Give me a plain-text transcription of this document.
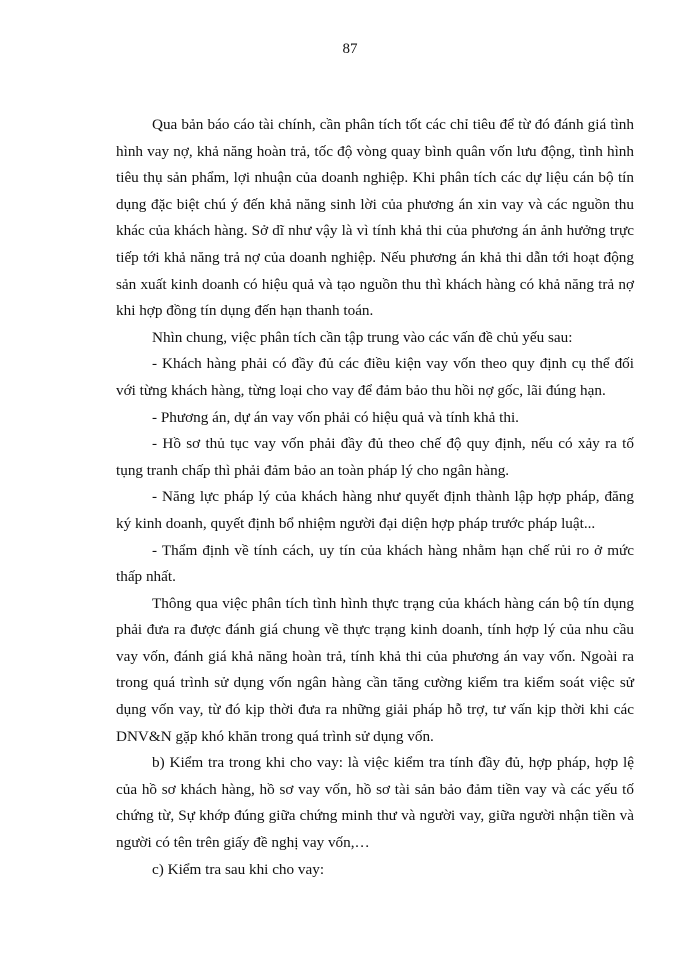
87

Qua bản báo cáo tài chính, cần phân tích tốt các chỉ tiêu để từ đó đánh giá tình hình vay nợ, khả năng hoàn trả, tốc độ vòng quay bình quân vốn lưu động, tình hình tiêu thụ sản phẩm, lợi nhuận của doanh nghiệp. Khi phân tích các dự liệu cán bộ tín dụng đặc biệt chú ý đến khả năng sinh lời của phương án xin vay và các nguồn thu khác của khách hàng. Sở dĩ như vậy là vì tính khả thi của phương án ảnh hưởng trực tiếp tới khả năng trả nợ của doanh nghiệp. Nếu phương án khả thi dẫn tới hoạt động sản xuất kinh doanh có hiệu quả và tạo nguồn thu thì khách hàng có khả năng trả nợ khi hợp đồng tín dụng đến hạn thanh toán.

Nhìn chung, việc phân tích cần tập trung vào các vấn đề chủ yếu sau:

- Khách hàng phải có đầy đủ các điều kiện vay vốn theo quy định cụ thể đối với từng khách hàng, từng loại cho vay để đảm bảo thu hồi nợ gốc, lãi đúng hạn.

- Phương án, dự án vay vốn phải có hiệu quả và tính khả thi.

- Hồ sơ thủ tục vay vốn phải đầy đủ theo chế độ quy định, nếu có xảy ra tố tụng tranh chấp thì phải đảm bảo an toàn pháp lý cho ngân hàng.

- Năng lực pháp lý của khách hàng như quyết định thành lập hợp pháp, đăng ký kinh doanh, quyết định bổ nhiệm người đại diện hợp pháp trước pháp luật...

- Thẩm định về tính cách, uy tín của khách hàng nhằm hạn chế rủi ro ở mức thấp nhất.

Thông qua việc phân tích tình hình thực trạng của khách hàng cán bộ tín dụng phải đưa ra được đánh giá chung về thực trạng kinh doanh, tính hợp lý của nhu cầu vay vốn, đánh giá khả năng hoàn trả, tính khả thi của phương án vay vốn. Ngoài ra trong quá trình sử dụng vốn ngân hàng cần tăng cường kiểm tra kiểm soát việc sử dụng vốn vay, từ đó kịp thời đưa ra những giải pháp hỗ trợ, tư vấn kịp thời khi các DNV&N gặp khó khăn trong quá trình sử dụng vốn.

b) Kiểm tra trong khi cho vay: là việc kiểm tra tính đầy đủ, hợp pháp, hợp lệ của hồ sơ khách hàng, hồ sơ vay vốn, hồ sơ tài sản bảo đảm tiền vay và các yếu tố chứng từ, Sự khớp đúng giữa chứng minh thư và người vay, giữa người nhận tiền và người có tên trên giấy đề nghị vay vốn,…

c) Kiểm tra sau khi cho vay:
